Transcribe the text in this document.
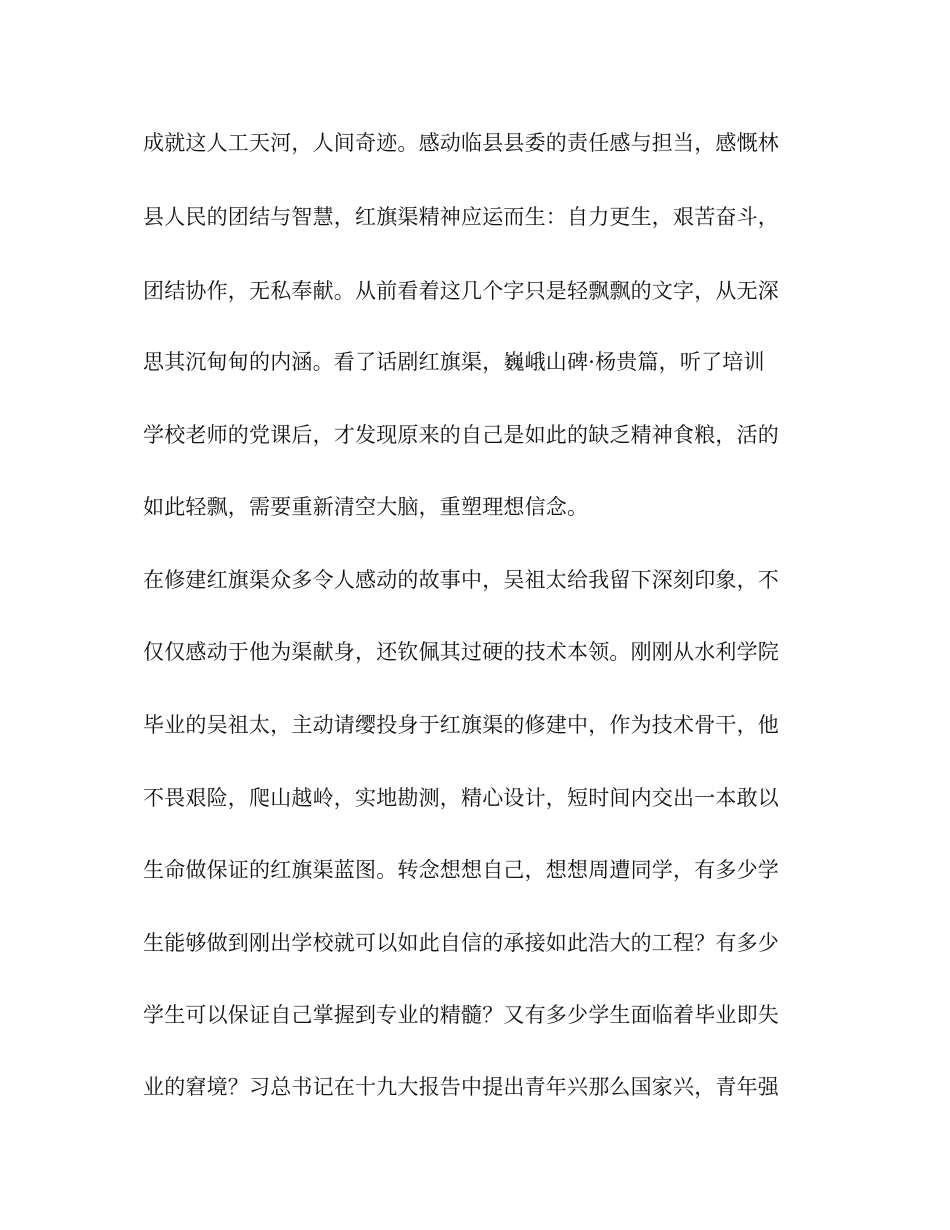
成就这人工天河，人间奇迹。感动临县县委的责任感与担当，感慨林
县人民的团结与智慧，红旗渠精神应运而生：自力更生，艰苦奋斗，
团结协作，无私奉献。从前看着这几个字只是轻飘飘的文字，从无深
思其沉甸甸的内涵。看了话剧红旗渠，巍峨山碑·杨贵篇，听了培训
学校老师的党课后，才发现原来的自己是如此的缺乏精神食粮，活的
如此轻飘，需要重新清空大脑，重塑理想信念。
在修建红旗渠众多令人感动的故事中，吴祖太给我留下深刻印象，不
仅仅感动于他为渠献身，还钦佩其过硬的技术本领。刚刚从水利学院
毕业的吴祖太，主动请缨投身于红旗渠的修建中，作为技术骨干，他
不畏艰险，爬山越岭，实地勘测，精心设计，短时间内交出一本敢以
生命做保证的红旗渠蓝图。转念想想自己，想想周遭同学，有多少学
生能够做到刚出学校就可以如此自信的承接如此浩大的工程？有多少
学生可以保证自己掌握到专业的精髓？又有多少学生面临着毕业即失
业的窘境？习总书记在十九大报告中提出青年兴那么国家兴，青年强
